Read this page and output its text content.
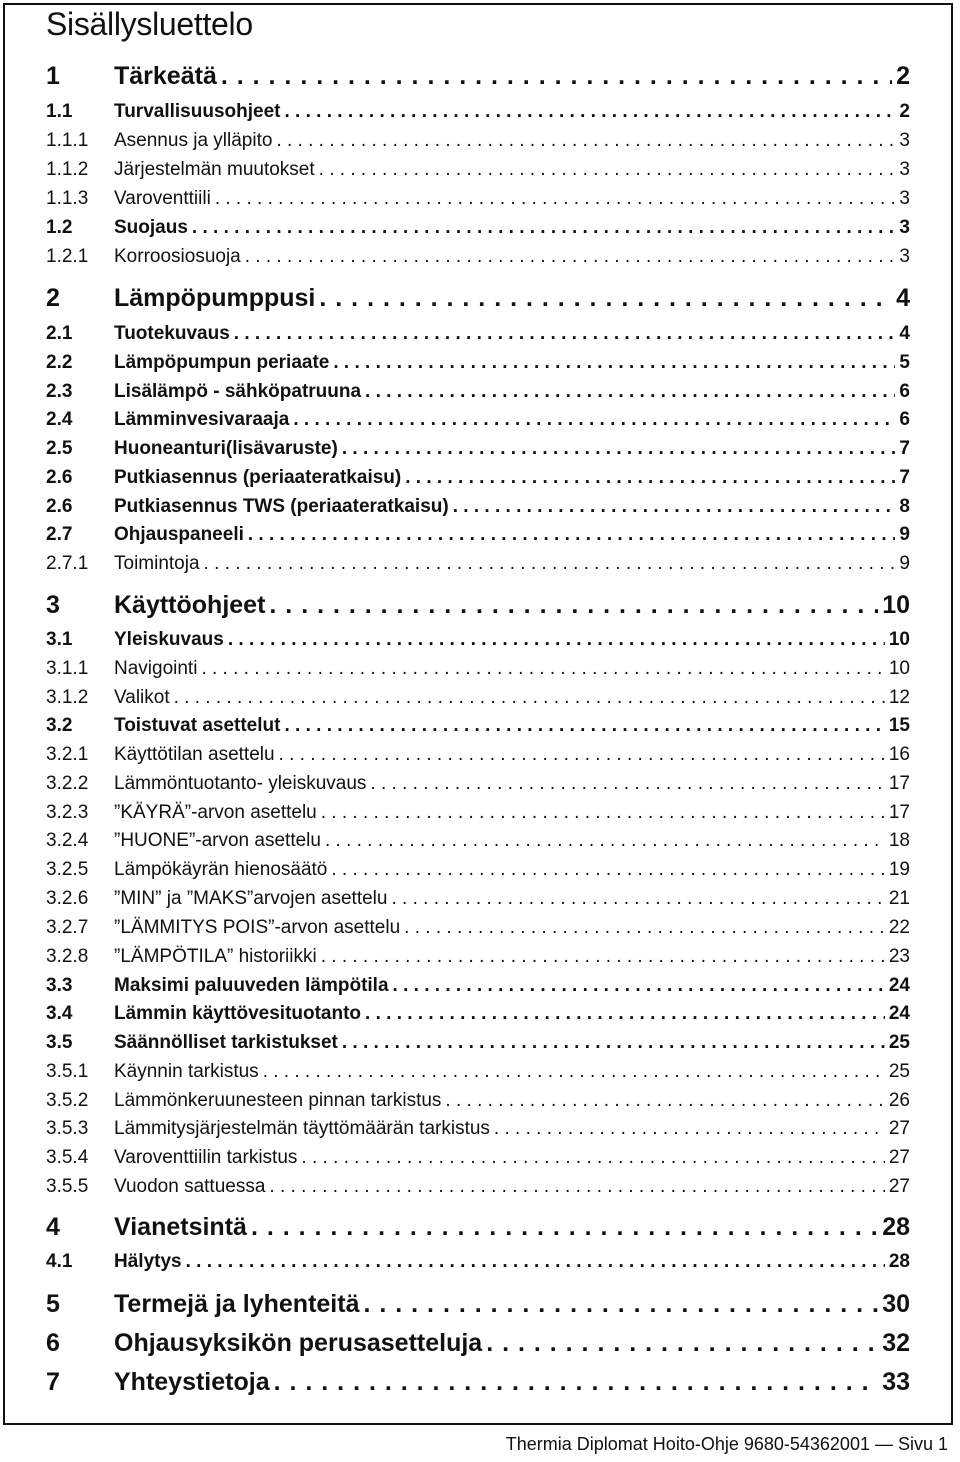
Sisällysluettelo
1	Tärkeätä . . .	2
1.1	Turvallisuusohjeet . . .	2
1.1.1	Asennus ja ylläpito . . .	3
1.1.2	Järjestelmän muutokset . . .	3
1.1.3	Varoventtiili . . .	3
1.2	Suojaus . . .	3
1.2.1	Korroosiosuoja . . .	3
2	Lämpöpumppusi . . .	4
2.1	Tuotekuvaus . . .	4
2.2	Lämpöpumpun periaate . . .	5
2.3	Lisälämpö - sähköpatruuna . . .	6
2.4	Lämminvesivaraaja . . .	6
2.5	Huoneanturi(lisävaruste) . . .	7
2.6	Putkiasennus (periaateratkaisu) . . .	7
2.6	Putkiasennus TWS (periaateratkaisu) . . .	8
2.7	Ohjauspaneeli . . .	9
2.7.1	Toimintoja . . .	9
3	Käyttöohjeet . . .	10
3.1	Yleiskuvaus . . .	10
3.1.1	Navigointi . . .	10
3.1.2	Valikot . . .	12
3.2	Toistuvat asettelut . . .	15
3.2.1	Käyttötilan asettelu . . .	16
3.2.2	Lämmöntuotanto- yleiskuvaus . . .	17
3.2.3	”KÄYRÄ”-arvon asettelu . . .	17
3.2.4	”HUONE”-arvon asettelu . . .	18
3.2.5	Lämpökäyrän hienosäätö . . .	19
3.2.6	”MIN” ja ”MAKS”arvojen asettelu . . .	21
3.2.7	”LÄMMITYS POIS”-arvon asettelu . . .	22
3.2.8	”LÄMPÖTILA” historiikki . . .	23
3.3	Maksimi paluuveden lämpötila . . .	24
3.4	Lämmin käyttövesituotanto . . .	24
3.5	Säännölliset tarkistukset . . .	25
3.5.1	Käynnin tarkistus . . .	25
3.5.2	Lämmönkeruunesteen pinnan tarkistus . . .	26
3.5.3	Lämmitysjärjestelmän täyttömäärän tarkistus . . .	27
3.5.4	Varoventtiilin tarkistus . . .	27
3.5.5	Vuodon sattuessa . . .	27
4	Vianetsintä . . .	28
4.1	Hälytys . . .	28
5	Termejä ja lyhenteitä . . .	30
6	Ohjausyksikön perusasetteluja . . .	32
7	Yhteystietoja . . .	33
Thermia Diplomat Hoito-Ohje 9680-54362001 — Sivu 1
